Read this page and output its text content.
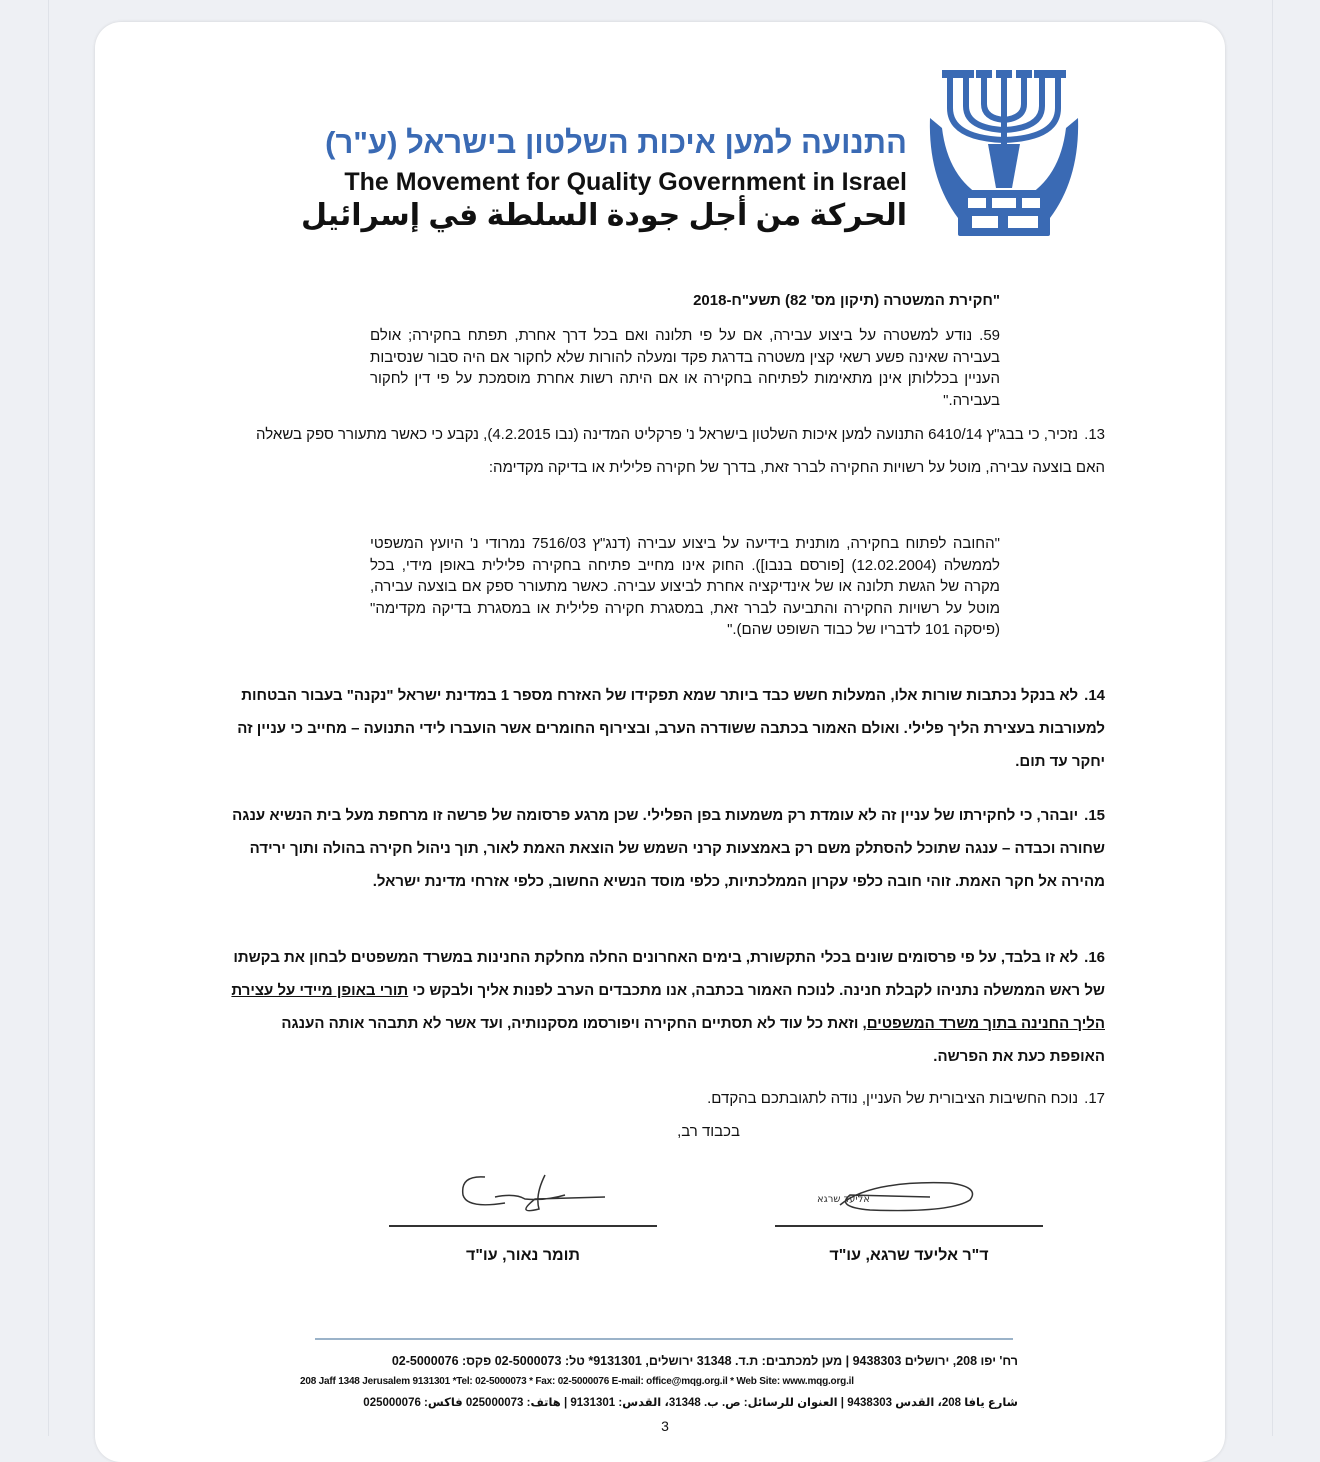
התנועה למען איכות השלטון בישראל (ע"ר)
The Movement for Quality Government in Israel
الحركة من أجل جودة السلطة في إسرائيل
"חקירת המשטרה (תיקון מס' 82) תשע"ח-2018
59. נודע למשטרה על ביצוע עבירה, אם על פי תלונה ואם בכל דרך אחרת, תפתח בחקירה; אולם בעבירה שאינה פשע רשאי קצין משטרה בדרגת פקד ומעלה להורות שלא לחקור אם היה סבור שנסיבות העניין בכללותן אינן מתאימות לפתיחה בחקירה או אם היתה רשות אחרת מוסמכת על פי דין לחקור בעבירה."
13.נזכיר, כי בבג"ץ 6410/14 התנועה למען איכות השלטון בישראל נ' פרקליט המדינה (נבו 4.2.2015), נקבע כי כאשר מתעורר ספק בשאלה האם בוצעה עבירה, מוטל על רשויות החקירה לברר זאת, בדרך של חקירה פלילית או בדיקה מקדימה:
"החובה לפתוח בחקירה, מותנית בידיעה על ביצוע עבירה (דנג"ץ 7516/03 נמרודי נ' היועץ המשפטי לממשלה (12.02.2004) [פורסם בנבו]). החוק אינו מחייב פתיחה בחקירה פלילית באופן מידי, בכל מקרה של הגשת תלונה או של אינדיקציה אחרת לביצוע עבירה. כאשר מתעורר ספק אם בוצעה עבירה, מוטל על רשויות החקירה והתביעה לברר זאת, במסגרת חקירה פלילית או במסגרת בדיקה מקדימה" (פיסקה 101 לדבריו של כבוד השופט שהם)."
14.לא בנקל נכתבות שורות אלו, המעלות חשש כבד ביותר שמא תפקידו של האזרח מספר 1 במדינת ישראל "נקנה" בעבור הבטחות למעורבות בעצירת הליך פלילי. ואולם האמור בכתבה ששודרה הערב, ובצירוף החומרים אשר הועברו לידי התנועה – מחייב כי עניין זה יחקר עד תום.
15.יובהר, כי לחקירתו של עניין זה לא עומדת רק משמעות בפן הפלילי. שכן מרגע פרסומה של פרשה זו מרחפת מעל בית הנשיא ענגה שחורה וכבדה – ענגה שתוכל להסתלק משם רק באמצעות קרני השמש של הוצאת האמת לאור, תוך ניהול חקירה בהולה ותוך ירידה מהירה אל חקר האמת. זוהי חובה כלפי עקרון הממלכתיות, כלפי מוסד הנשיא החשוב, כלפי אזרחי מדינת ישראל.
16.לא זו בלבד, על פי פרסומים שונים בכלי התקשורת, בימים האחרונים החלה מחלקת החנינות במשרד המשפטים לבחון את בקשתו של ראש הממשלה נתניהו לקבלת חנינה. לנוכח האמור בכתבה, אנו מתכבדים הערב לפנות אליך ולבקש כי תורי באופן מיידי על עצירת הליך החנינה בתוך משרד המשפטים, וזאת כל עוד לא תסתיים החקירה ויפורסמו מסקנותיה, ועד אשר לא תתבהר אותה הענגה האופפת כעת את הפרשה.
17.נוכח החשיבות הציבורית של העניין, נודה לתגובתכם בהקדם.
בכבוד רב,
אליעד שרגא
ד"ר אליעד שרגא, עו"ד
תומר נאור, עו"ד
רח' יפו 208, ירושלים 9438303 | מען למכתבים: ת.ד. 31348 ירושלים, 9131301* טל: 02-5000073 פקס: 02-5000076
208 Jaff 1348 Jerusalem 9131301 *Tel: 02-5000073 * Fax: 02-5000076 E-mail: office@mqg.org.il * Web Site: www.mqg.org.il
شارع يافا 208، القدس 9438303 | العنوان للرسائل: ص. ب. 31348، القدس: 9131301 | هاتف: 025000073 فاكس: 025000076
3
